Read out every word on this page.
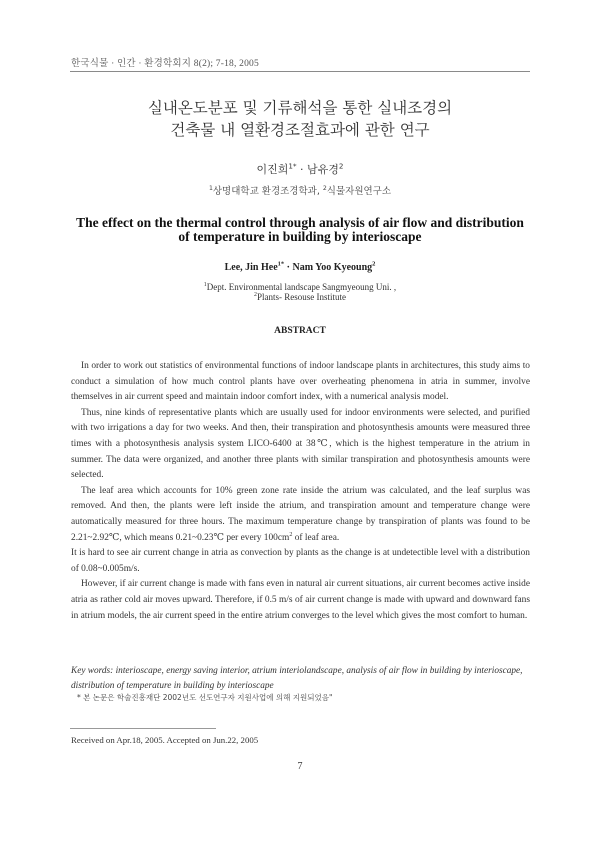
한국식물 · 인간 · 환경학회지 8(2); 7-18, 2005
실내온도분포 및 기류해석을 통한 실내조경의
건축물 내 열환경조절효과에 관한 연구
이진희$^{1*}$ · 남유경$^2$
$^1$상명대학교 환경조경학과, $^2$식물자원연구소
The effect on the thermal control through analysis of air flow and distribution of temperature in building by interioscape
Lee, Jin Hee$^{1*}$ · Nam Yoo Kyeoung$^2$
$^1$Dept. Environmental landscape Sangmyeoung Uni. ,
$^2$Plants- Resouse Institute
ABSTRACT

In order to work out statistics of environmental functions of indoor landscape plants in architectures, this study aims to conduct a simulation of how much control plants have over overheating phenomena in atria in summer, involve themselves in air current speed and maintain indoor comfort index, with a numerical analysis model.

Thus, nine kinds of representative plants which are usually used for indoor environments were selected, and purified with two irrigations a day for two weeks. And then, their transpiration and photosynthesis amounts were measured three times with a photosynthesis analysis system LICO-6400 at 38℃, which is the highest temperature in the atrium in summer. The data were organized, and another three plants with similar transpiration and photosynthesis amounts were selected.

The leaf area which accounts for 10% green zone rate inside the atrium was calculated, and the leaf surplus was removed. And then, the plants were left inside the atrium, and transpiration amount and temperature change were automatically measured for three hours. The maximum temperature change by transpiration of plants was found to be 2.21~2.92℃, which means 0.21~0.23℃ per every $100cm^2$ of leaf area.

It is hard to see air current change in atria as convection by plants as the change is at undetectible level with a distribution of 0.08~0.005m/s.

However, if air current change is made with fans even in natural air current situations, air current becomes active inside atria as rather cold air moves upward. Therefore, if 0.5 m/s of air current change is made with upward and downward fans in atrium models, the air current speed in the entire atrium converges to the level which gives the most comfort to human.

Key words: interioscape, energy saving interior, atrium interiolandscape, analysis of air flow in building by interioscape, distribution of temperature in building by interioscape
* 본 논문은 학술진흥재단 2002년도 선도연구자 지원사업에 의해 지원되었음"
Received on Apr.18, 2005. Accepted on Jun.22, 2005
7
